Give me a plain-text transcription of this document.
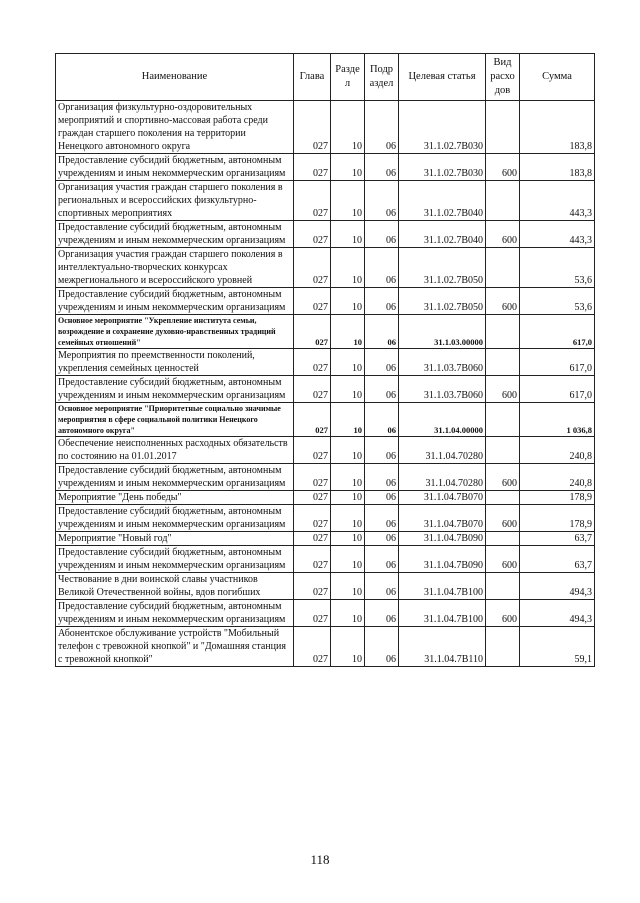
Наименование	Глава	Разде л	Подр аздел	Целевая статья	Вид расхо дов	Сумма
Организация физкультурно-оздоровительных мероприятий и спортивно-массовая работа среди граждан старшего поколения на территории Ненецкого автономного округа	027	10	06	31.1.02.7В030		183,8
Предоставление субсидий бюджетным, автономным учреждениям и иным некоммерческим организациям	027	10	06	31.1.02.7В030	600	183,8
Организация участия граждан старшего поколения в региональных и всероссийских физкультурно-спортивных мероприятиях	027	10	06	31.1.02.7В040		443,3
Предоставление субсидий бюджетным, автономным учреждениям и иным некоммерческим организациям	027	10	06	31.1.02.7В040	600	443,3
Организация участия граждан старшего поколения в интеллектуально-творческих конкурсах межрегионального и всероссийского уровней	027	10	06	31.1.02.7В050		53,6
Предоставление субсидий бюджетным, автономным учреждениям и иным некоммерческим организациям	027	10	06	31.1.02.7В050	600	53,6
Основное мероприятие "Укрепление института семьи, возрождение и сохранение духовно-нравственных традиций семейных отношений"	027	10	06	31.1.03.00000		617,0
Мероприятия по преемственности поколений, укрепления семейных ценностей	027	10	06	31.1.03.7В060		617,0
Предоставление субсидий бюджетным, автономным учреждениям и иным некоммерческим организациям	027	10	06	31.1.03.7В060	600	617,0
Основное мероприятие "Приоритетные социально значимые мероприятия в сфере социальной политики Ненецкого автономного округа"	027	10	06	31.1.04.00000		1 036,8
Обеспечение неисполненных расходных обязательств по состоянию на 01.01.2017	027	10	06	31.1.04.70280		240,8
Предоставление субсидий бюджетным, автономным учреждениям и иным некоммерческим организациям	027	10	06	31.1.04.70280	600	240,8
Мероприятие "День победы"	027	10	06	31.1.04.7В070		178,9
Предоставление субсидий бюджетным, автономным учреждениям и иным некоммерческим организациям	027	10	06	31.1.04.7В070	600	178,9
Мероприятие "Новый год"	027	10	06	31.1.04.7В090		63,7
Предоставление субсидий бюджетным, автономным учреждениям и иным некоммерческим организациям	027	10	06	31.1.04.7В090	600	63,7
Чествование в дни воинской славы участников Великой Отечественной войны, вдов погибших	027	10	06	31.1.04.7В100		494,3
Предоставление субсидий бюджетным, автономным учреждениям и иным некоммерческим организациям	027	10	06	31.1.04.7В100	600	494,3
Абонентское обслуживание устройств "Мобильный телефон с тревожной кнопкой" и "Домашняя станция с тревожной кнопкой"	027	10	06	31.1.04.7В110		59,1
118
